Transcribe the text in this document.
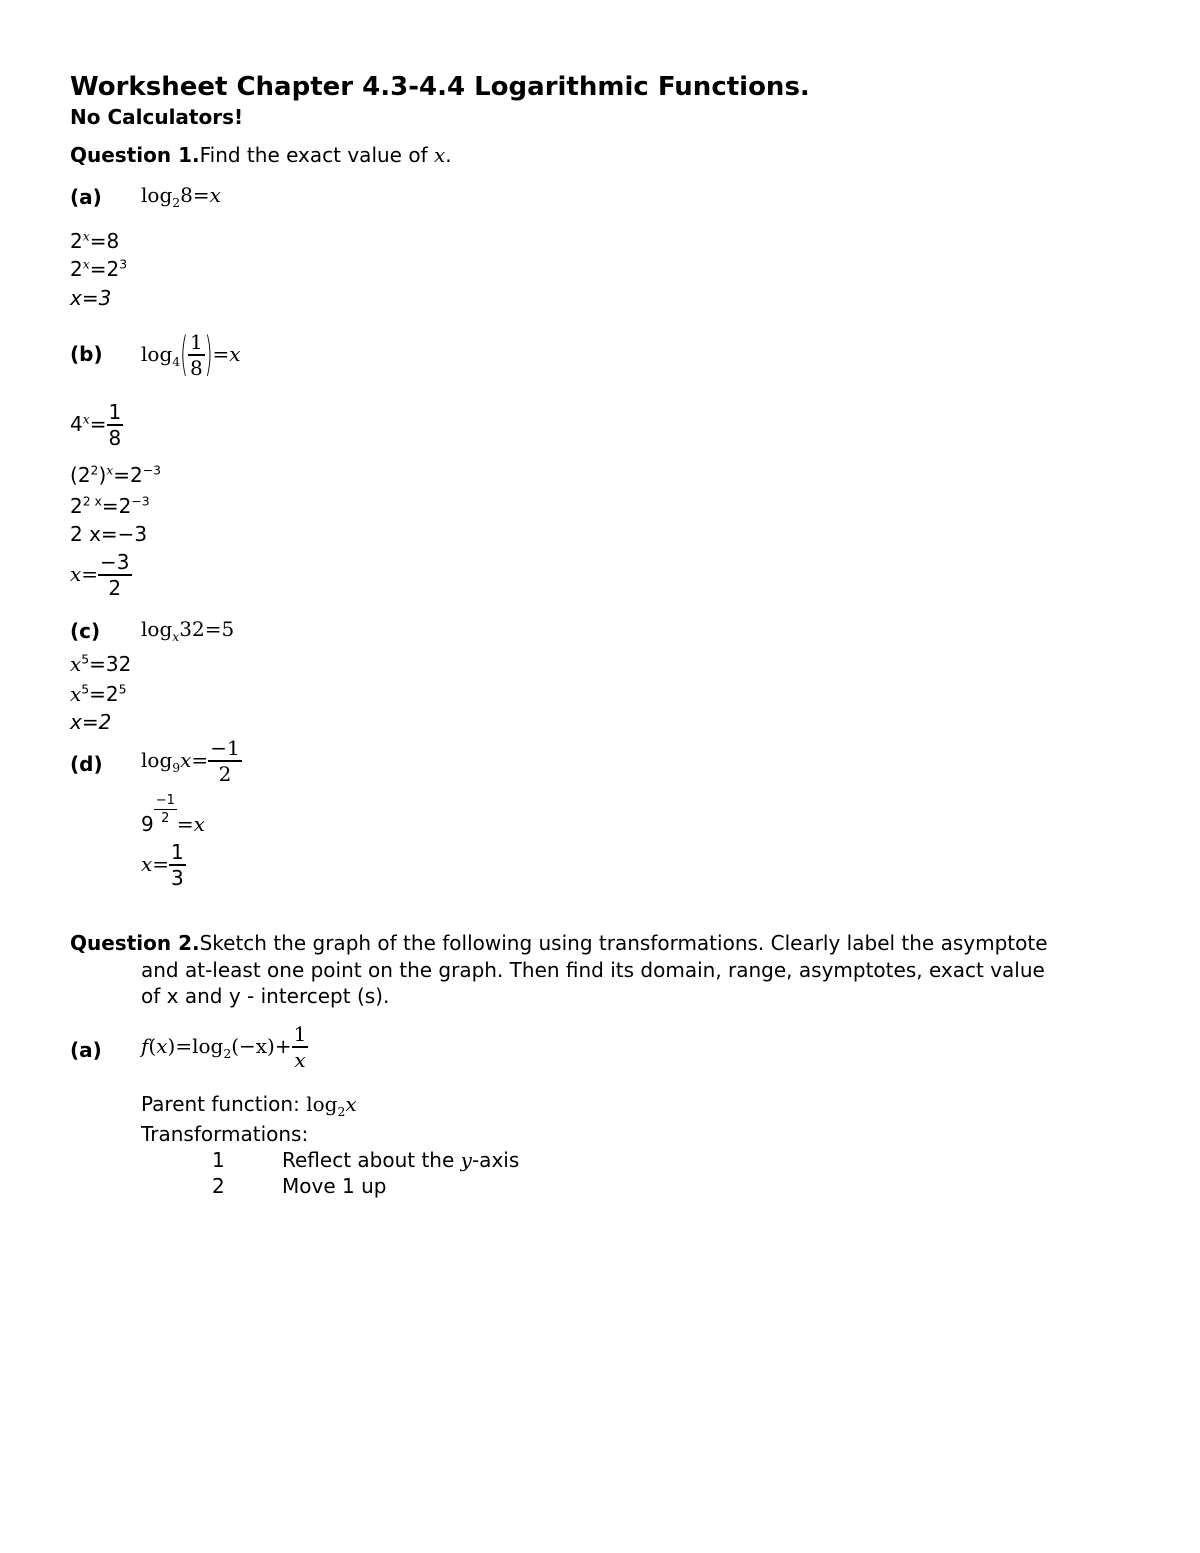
Worksheet Chapter 4.3-4.4 Logarithmic Functions.
No Calculators!
Question 1.Find the exact value of x.
(a) $\log_28=x$
$2^x=8$
$2^x=2^3$
x=3
(b) $\log_4( \frac{1}{8} )=x$
$4^x= \frac{1}{8}$
$(2^2)^x=2^{-3}$
$2^{2 x}=2^{-3}$
2 x=−3
$x= \frac{-3}{2}$
(c) $\log_x32=5$
$x^5=32$
$x^5=2^5$
x=2
(d) $\log_9x= \frac{-1}{2}$
$9 \frac{-1}{2} =x$
$x= \frac{1}{3}$
Question 2.Sketch the graph of the following using transformations. Clearly label the asymptote
and at-least one point on the graph. Then find its domain, range, asymptotes, exact value
of x and y - intercept (s).
(a) $f(x)=\log_2(-x)+ \frac{1}{x}$
Parent function: $\log_2x$
Transformations:
1	Reflect about the y-axis
2	Move 1 up
